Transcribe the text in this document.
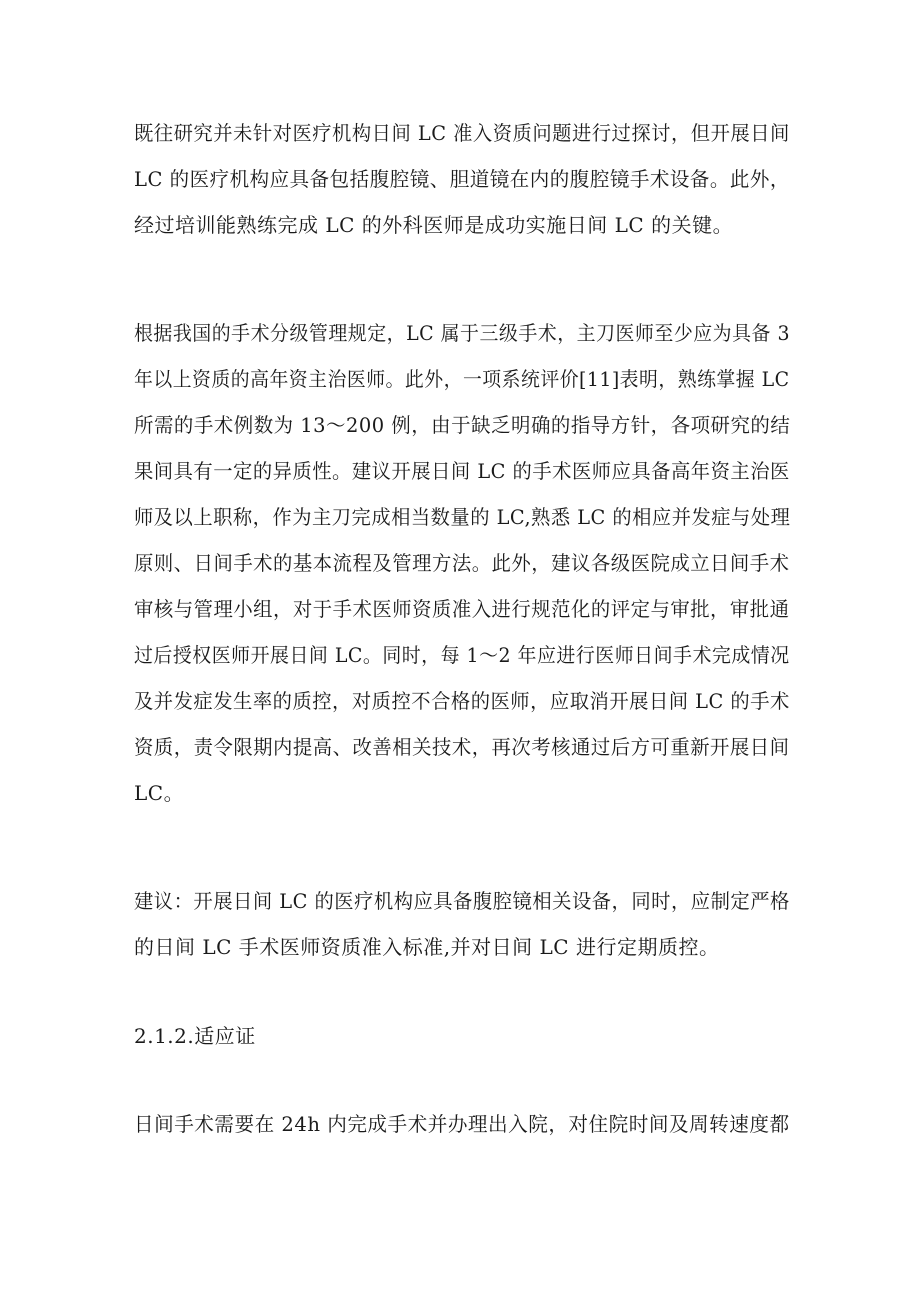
既往研究并未针对医疗机构日间 LC 准入资质问题进行过探讨，但开展日间
LC 的医疗机构应具备包括腹腔镜、胆道镜在内的腹腔镜手术设备。此外，
经过培训能熟练完成 LC 的外科医师是成功实施日间 LC 的关键。
根据我国的手术分级管理规定，LC 属于三级手术，主刀医师至少应为具备 3
年以上资质的高年资主治医师。此外，一项系统评价[11]表明，熟练掌握 LC
所需的手术例数为 13～200 例，由于缺乏明确的指导方针，各项研究的结
果间具有一定的异质性。建议开展日间 LC 的手术医师应具备高年资主治医
师及以上职称，作为主刀完成相当数量的 LC,熟悉 LC 的相应并发症与处理
原则、日间手术的基本流程及管理方法。此外，建议各级医院成立日间手术
审核与管理小组，对于手术医师资质准入进行规范化的评定与审批，审批通
过后授权医师开展日间 LC。同时，每 1～2 年应进行医师日间手术完成情况
及并发症发生率的质控，对质控不合格的医师，应取消开展日间 LC 的手术
资质，责令限期内提高、改善相关技术，再次考核通过后方可重新开展日间
LC。
建议：开展日间 LC 的医疗机构应具备腹腔镜相关设备，同时，应制定严格
的日间 LC 手术医师资质准入标准,并对日间 LC 进行定期质控。
2.1.2.适应证
日间手术需要在 24h 内完成手术并办理出入院，对住院时间及周转速度都
